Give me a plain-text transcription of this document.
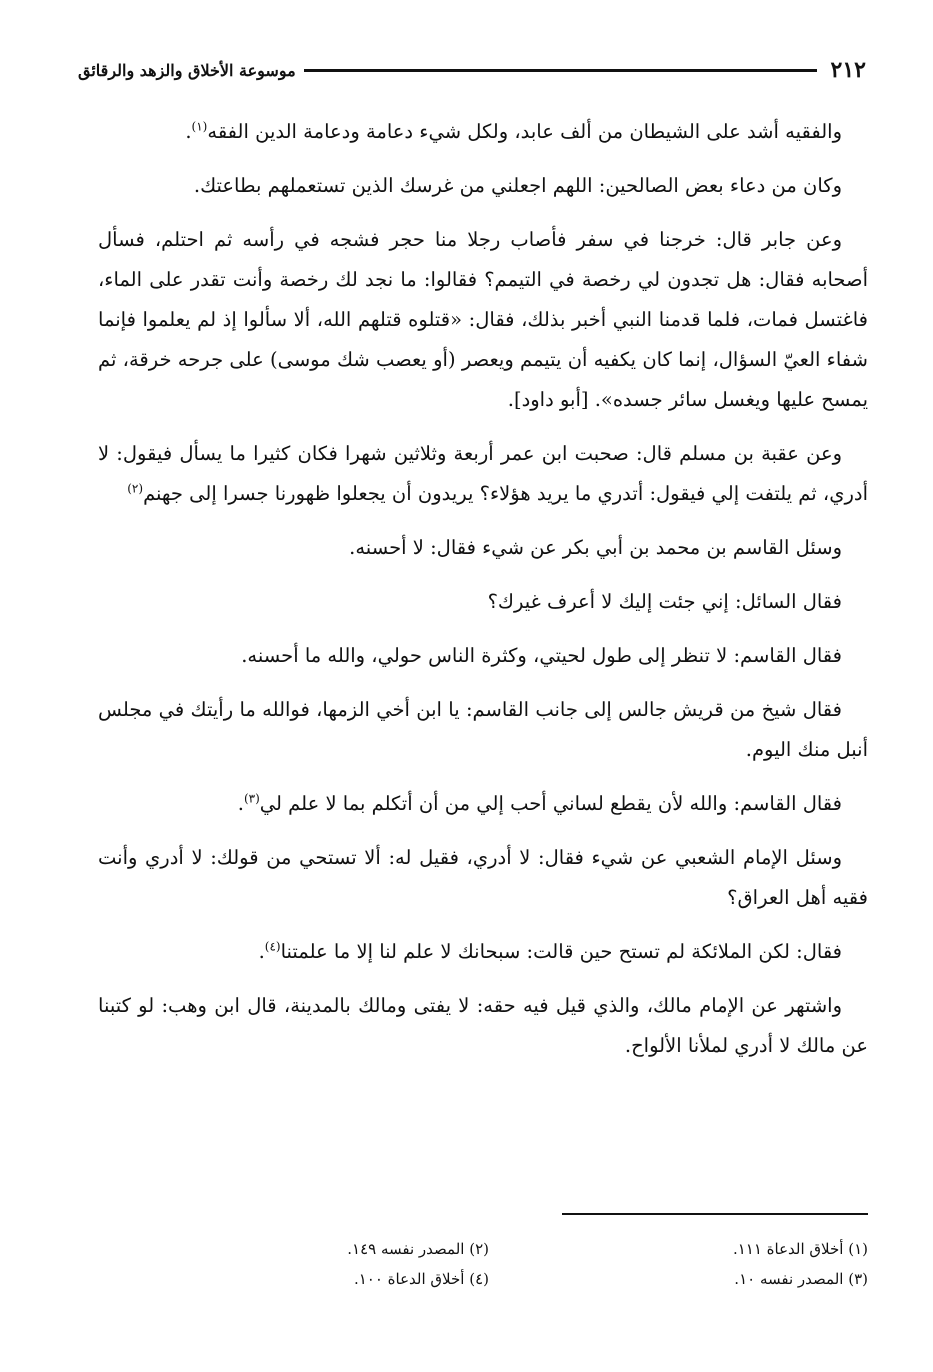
٢١٢
موسوعة الأخلاق والزهد والرقائق

والفقيه أشد على الشيطان من ألف عابد، ولكل شيء دعامة ودعامة الدين الفقه$^{(١)}$.

وكان من دعاء بعض الصالحين: اللهم اجعلني من غرسك الذين تستعملهم بطاعتك.

وعن جابر قال: خرجنا في سفر فأصاب رجلا منا حجر فشجه في رأسه ثم احتلم، فسأل أصحابه فقال: هل تجدون لي رخصة في التيمم؟ فقالوا: ما نجد لك رخصة وأنت تقدر على الماء، فاغتسل فمات، فلما قدمنا النبي أخبر بذلك، فقال: «قتلوه قتلهم الله، ألا سألوا إذ لم يعلموا فإنما شفاء العيّ السؤال، إنما كان يكفيه أن يتيمم ويعصر (أو يعصب شك موسى) على جرحه خرقة، ثم يمسح عليها ويغسل سائر جسده». [أبو داود].

وعن عقبة بن مسلم قال: صحبت ابن عمر أربعة وثلاثين شهرا فكان كثيرا ما يسأل فيقول: لا أدري، ثم يلتفت إلي فيقول: أتدري ما يريد هؤلاء؟ يريدون أن يجعلوا ظهورنا جسرا إلى جهنم$^{(٢)}$

وسئل القاسم بن محمد بن أبي بكر عن شيء فقال: لا أحسنه.

فقال السائل: إني جئت إليك لا أعرف غيرك؟

فقال القاسم: لا تنظر إلى طول لحيتي، وكثرة الناس حولي، والله ما أحسنه.

فقال شيخ من قريش جالس إلى جانب القاسم: يا ابن أخي الزمها، فوالله ما رأيتك في مجلس أنبل منك اليوم.

فقال القاسم: والله لأن يقطع لساني أحب إلي من أن أتكلم بما لا علم لي$^{(٣)}$.

وسئل الإمام الشعبي عن شيء فقال: لا أدري، فقيل له: ألا تستحي من قولك: لا أدري وأنت فقيه أهل العراق؟

فقال: لكن الملائكة لم تستح حين قالت: سبحانك لا علم لنا إلا ما علمتنا$^{(٤)}$.

واشتهر عن الإمام مالك، والذي قيل فيه حقه: لا يفتى ومالك بالمدينة، قال ابن وهب: لو كتبنا عن مالك لا أدري لملأنا الألواح.

(١) أخلاق الدعاة ١١١.
(٢) المصدر نفسه ١٤٩.
(٣) المصدر نفسه ١٠.
(٤) أخلاق الدعاة ١٠٠.
